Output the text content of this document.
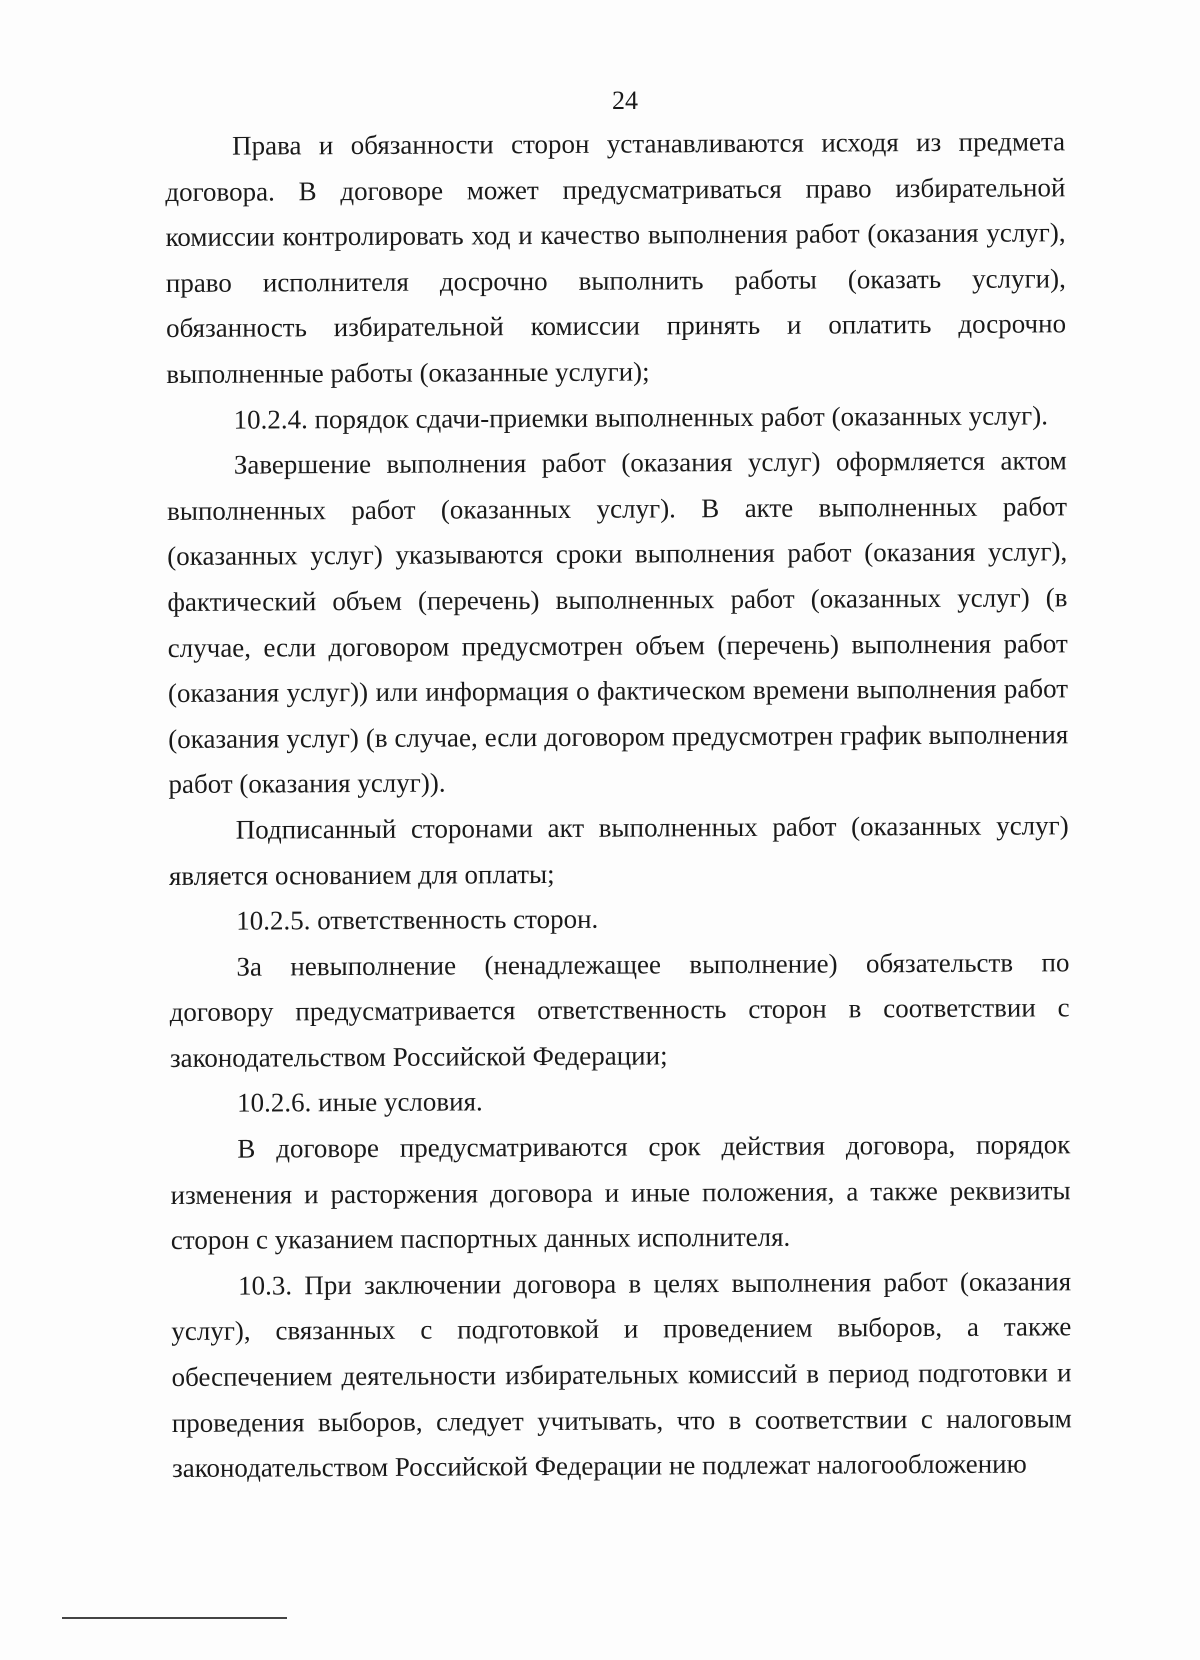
24

Права и обязанности сторон устанавливаются исходя из предмета договора. В договоре может предусматриваться право избирательной комиссии контролировать ход и качество выполнения работ (оказания услуг), право исполнителя досрочно выполнить работы (оказать услуги), обязанность избирательной комиссии принять и оплатить досрочно выполненные работы (оказанные услуги);

10.2.4. порядок сдачи-приемки выполненных работ (оказанных услуг).

Завершение выполнения работ (оказания услуг) оформляется актом выполненных работ (оказанных услуг). В акте выполненных работ (оказанных услуг) указываются сроки выполнения работ (оказания услуг), фактический объем (перечень) выполненных работ (оказанных услуг) (в случае, если договором предусмотрен объем (перечень) выполнения работ (оказания услуг)) или информация о фактическом времени выполнения работ (оказания услуг) (в случае, если договором предусмотрен график выполнения работ (оказания услуг)).

Подписанный сторонами акт выполненных работ (оказанных услуг) является основанием для оплаты;

10.2.5. ответственность сторон.

За невыполнение (ненадлежащее выполнение) обязательств по договору предусматривается ответственность сторон в соответствии с законодательством Российской Федерации;

10.2.6. иные условия.

В договоре предусматриваются срок действия договора, порядок изменения и расторжения договора и иные положения, а также реквизиты сторон с указанием паспортных данных исполнителя.

10.3. При заключении договора в целях выполнения работ (оказания услуг), связанных с подготовкой и проведением выборов, а также обеспечением деятельности избирательных комиссий в период подготовки и проведения выборов, следует учитывать, что в соответствии с налоговым законодательством Российской Федерации не подлежат налогообложению
